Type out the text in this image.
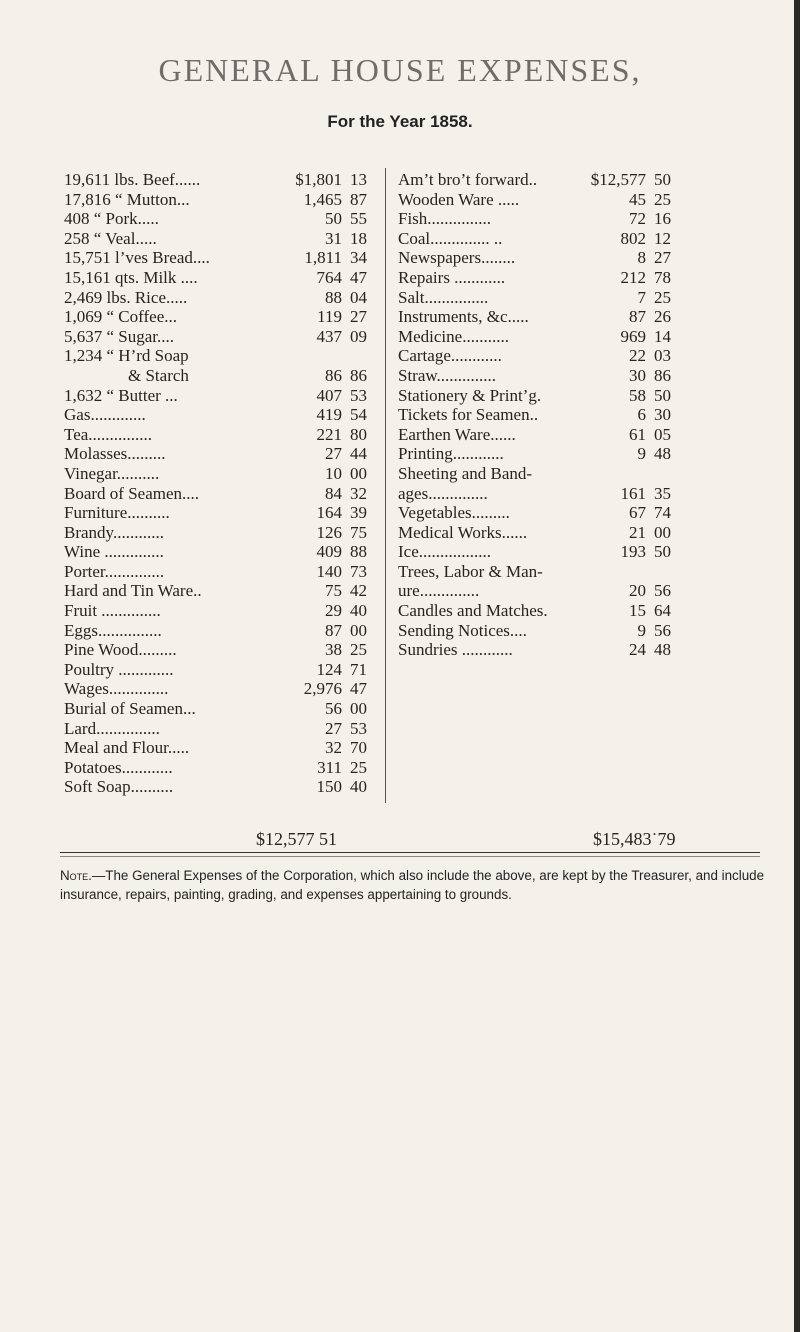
GENERAL HOUSE EXPENSES,
For the Year 1858.
19,611 lbs. Beef......	$1,801 13
17,816 “ Mutton...	1,465 87
408 “ Pork.....	50 55
258 “ Veal.....	31 18
15,751 l’ves Bread....	1,811 34
15,161 qts. Milk ....	764 47
2,469 lbs. Rice.....	88 04
1,069 “ Coffee...	119 27
5,637 “ Sugar....	437 09
1,234 “ H’rd Soap
& Starch	86 86
1,632 “ Butter ...	407 53
Gas.............	419 54
Tea...............	221 80
Molasses.........	27 44
Vinegar..........	10 00
Board of Seamen....	84 32
Furniture..........	164 39
Brandy............	126 75
Wine ..............	409 88
Porter..............	140 73
Hard and Tin Ware..	75 42
Fruit ..............	29 40
Eggs...............	87 00
Pine Wood.........	38 25
Poultry .............	124 71
Wages..............	2,976 47
Burial of Seamen...	56 00
Lard...............	27 53
Meal and Flour.....	32 70
Potatoes............	311 25
Soft Soap..........	150 40
Am’t bro’t forward..	$12,577 50
Wooden Ware .....	45 25
Fish...............	72 16
Coal.............. ..	802 12
Newspapers........	8 27
Repairs ............	212 78
Salt...............	7 25
Instruments, &c.....	87 26
Medicine...........	969 14
Cartage............	22 03
Straw..............	30 86
Stationery & Print’g.	58 50
Tickets for Seamen..	6 30
Earthen Ware......	61 05
Printing............	9 48
Sheeting and Band-
ages..............	161 35
Vegetables.........	67 74
Medical Works......	21 00
Ice.................	193 50
Trees, Labor & Man-
ure..............	20 56
Candles and Matches.	15 64
Sending Notices....	9 56
Sundries ............	24 48
$12,577 51	$15,483˙79
Note.—The General Expenses of the Corporation, which also include the above, are kept by the Treasurer, and include insurance, repairs, painting, grading, and expenses appertaining to grounds.
